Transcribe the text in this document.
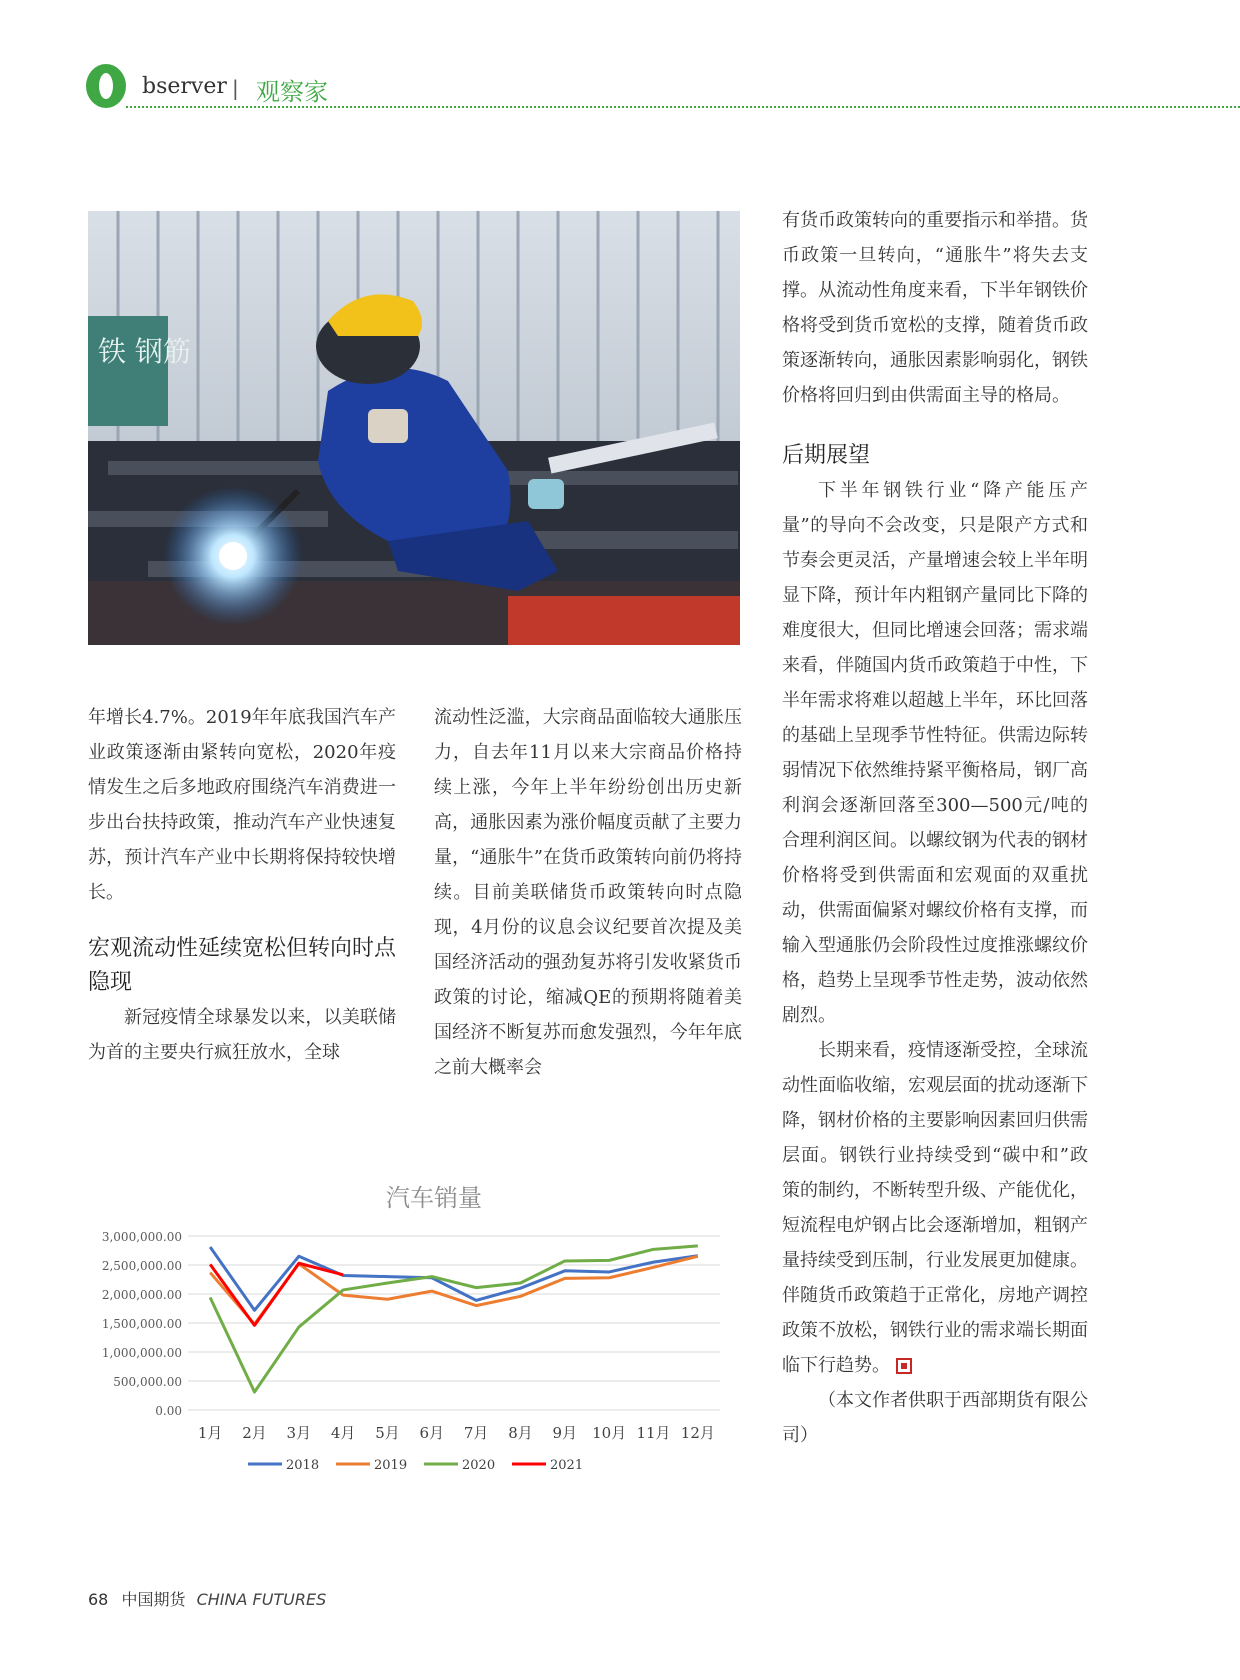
bserver | 观察家
铁 钢筋

年增长4.7%。2019年年底我国汽车产业政策逐渐由紧转向宽松，2020年疫情发生之后多地政府围绕汽车消费进一步出台扶持政策，推动汽车产业快速复苏，预计汽车产业中长期将保持较快增长。

宏观流动性延续宽松但转向时点隐现

新冠疫情全球暴发以来，以美联储为首的主要央行疯狂放水，全球

流动性泛滥，大宗商品面临较大通胀压力，自去年11月以来大宗商品价格持续上涨，今年上半年纷纷创出历史新高，通胀因素为涨价幅度贡献了主要力量，“通胀牛”在货币政策转向前仍将持续。目前美联储货币政策转向时点隐现，4月份的议息会议纪要首次提及美国经济活动的强劲复苏将引发收紧货币政策的讨论，缩减QE的预期将随着美国经济不断复苏而愈发强烈，今年年底之前大概率会

有货币政策转向的重要指示和举措。货币政策一旦转向，“通胀牛”将失去支撑。从流动性角度来看，下半年钢铁价格将受到货币宽松的支撑，随着货币政策逐渐转向，通胀因素影响弱化，钢铁价格将回归到由供需面主导的格局。

后期展望

下半年钢铁行业“降产能压产量”的导向不会改变，只是限产方式和节奏会更灵活，产量增速会较上半年明显下降，预计年内粗钢产量同比下降的难度很大，但同比增速会回落；需求端来看，伴随国内货币政策趋于中性，下半年需求将难以超越上半年，环比回落的基础上呈现季节性特征。供需边际转弱情况下依然维持紧平衡格局，钢厂高利润会逐渐回落至300—500元/吨的合理利润区间。以螺纹钢为代表的钢材价格将受到供需面和宏观面的双重扰动，供需面偏紧对螺纹价格有支撑，而输入型通胀仍会阶段性过度推涨螺纹价格，趋势上呈现季节性走势，波动依然剧烈。

长期来看，疫情逐渐受控，全球流动性面临收缩，宏观层面的扰动逐渐下降，钢材价格的主要影响因素回归供需层面。钢铁行业持续受到“碳中和”政策的制约，不断转型升级、产能优化，短流程电炉钢占比会逐渐增加，粗钢产量持续受到压制，行业发展更加健康。伴随货币政策趋于正常化，房地产调控政策不放松，钢铁行业的需求端长期面临下行趋势。

（本文作者供职于西部期货有限公司）

汽车销量
0.00
500,000.00
1,000,000.00
1,500,000.00
2,000,000.00
2,500,000.00
3,000,000.00
1月 2月 3月 4月 5月 6月 7月 8月 9月 10月 11月 12月
2018	2019	2020	2021
68 中国期货 CHINA FUTURES
